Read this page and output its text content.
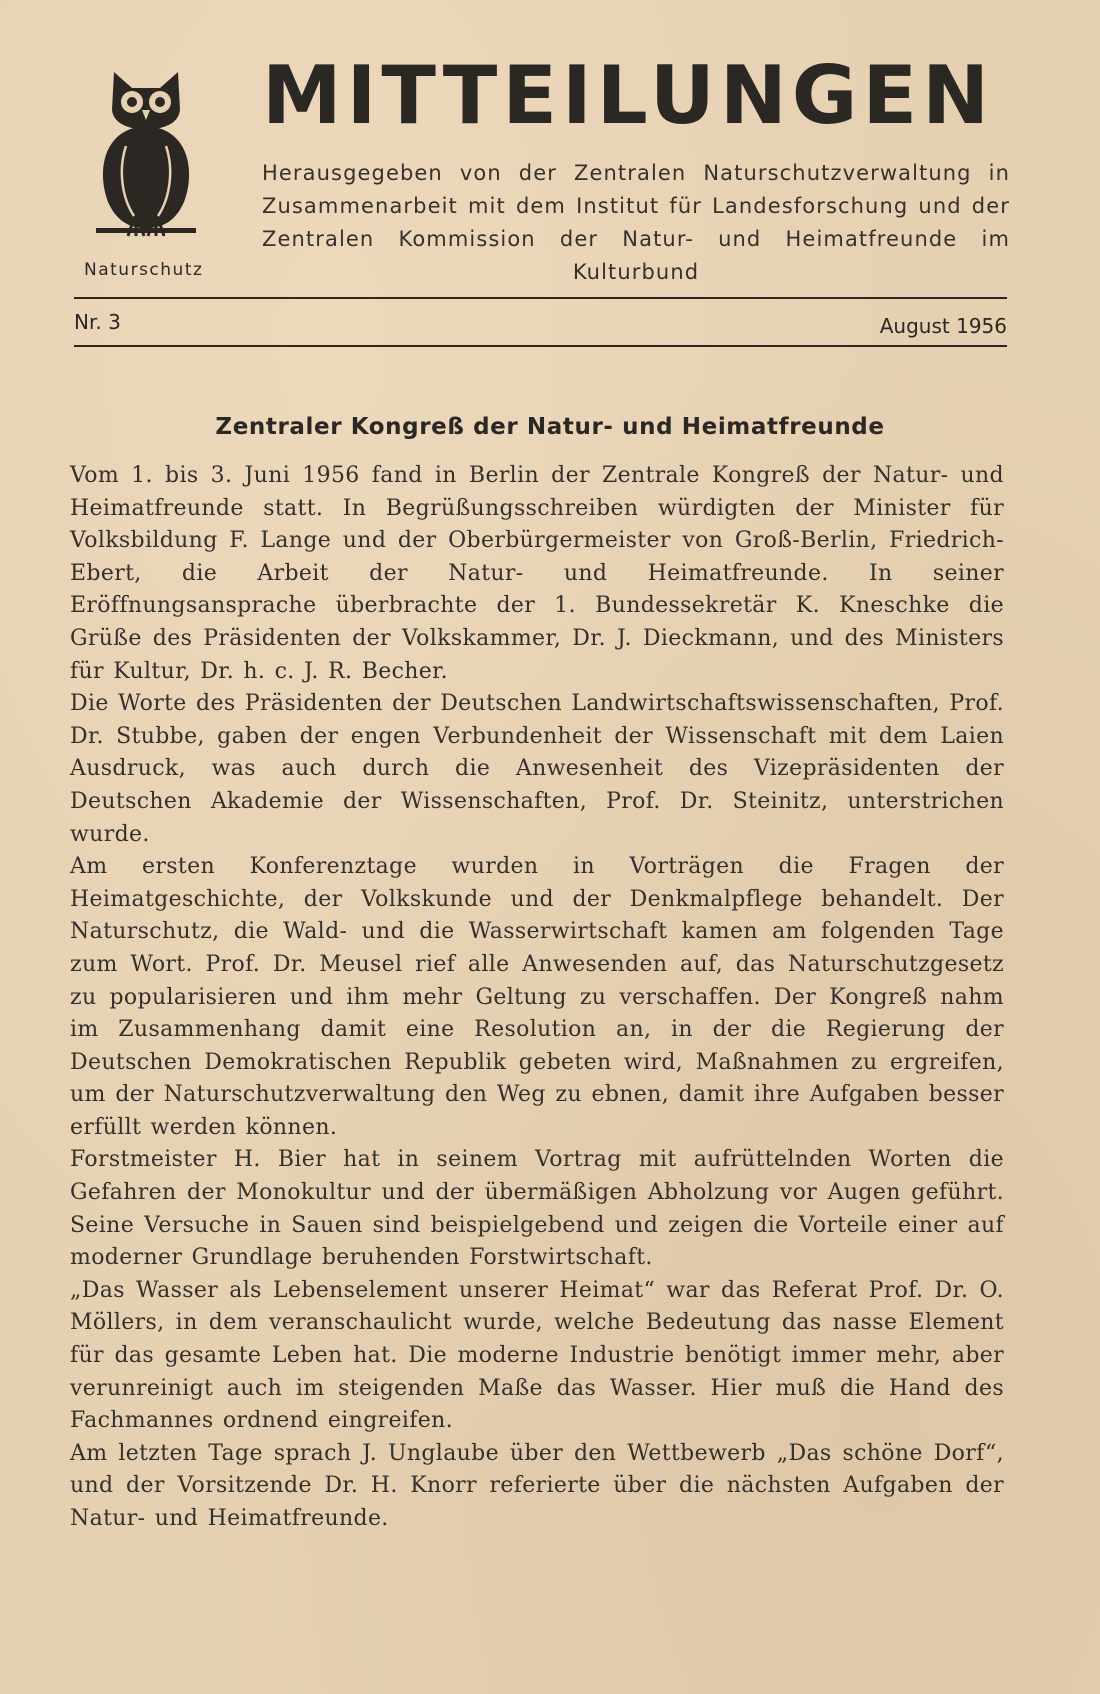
Naturschutz
MITTEILUNGEN
Herausgegeben von der Zentralen Naturschutzverwaltung in Zusammenarbeit mit dem Institut für Landesforschung und der Zentralen Kommission der Natur- und Heimatfreunde im Kulturbund
Nr. 3	August 1956
Zentraler Kongreß der Natur- und Heimatfreunde

Vom 1. bis 3. Juni 1956 fand in Berlin der Zentrale Kongreß der Natur- und Heimatfreunde statt. In Begrüßungsschreiben würdigten der Minister für Volksbildung F. Lange und der Oberbürgermeister von Groß-Berlin, Friedrich-Ebert, die Arbeit der Natur- und Heimatfreunde. In seiner Eröffnungsansprache überbrachte der 1. Bundessekretär K. Kneschke die Grüße des Präsidenten der Volkskammer, Dr. J. Dieckmann, und des Ministers für Kultur, Dr. h. c. J. R. Becher.

Die Worte des Präsidenten der Deutschen Landwirtschaftswissenschaften, Prof. Dr. Stubbe, gaben der engen Verbundenheit der Wissenschaft mit dem Laien Ausdruck, was auch durch die Anwesenheit des Vizepräsidenten der Deutschen Akademie der Wissenschaften, Prof. Dr. Steinitz, unterstrichen wurde.

Am ersten Konferenztage wurden in Vorträgen die Fragen der Heimatgeschichte, der Volkskunde und der Denkmalpflege behandelt. Der Naturschutz, die Wald- und die Wasserwirtschaft kamen am folgenden Tage zum Wort. Prof. Dr. Meusel rief alle Anwesenden auf, das Naturschutzgesetz zu popularisieren und ihm mehr Geltung zu verschaffen. Der Kongreß nahm im Zusammenhang damit eine Resolution an, in der die Regierung der Deutschen Demokratischen Republik gebeten wird, Maßnahmen zu ergreifen, um der Naturschutzverwaltung den Weg zu ebnen, damit ihre Aufgaben besser erfüllt werden können.

Forstmeister H. Bier hat in seinem Vortrag mit aufrüttelnden Worten die Gefahren der Monokultur und der übermäßigen Abholzung vor Augen geführt. Seine Versuche in Sauen sind beispielgebend und zeigen die Vorteile einer auf moderner Grundlage beruhenden Forstwirtschaft.

„Das Wasser als Lebenselement unserer Heimat“ war das Referat Prof. Dr. O. Möllers, in dem veranschaulicht wurde, welche Bedeutung das nasse Element für das gesamte Leben hat. Die moderne Industrie benötigt immer mehr, aber verunreinigt auch im steigenden Maße das Wasser. Hier muß die Hand des Fachmannes ordnend eingreifen.

Am letzten Tage sprach J. Unglaube über den Wettbewerb „Das schöne Dorf“, und der Vorsitzende Dr. H. Knorr referierte über die nächsten Aufgaben der Natur- und Heimatfreunde.
